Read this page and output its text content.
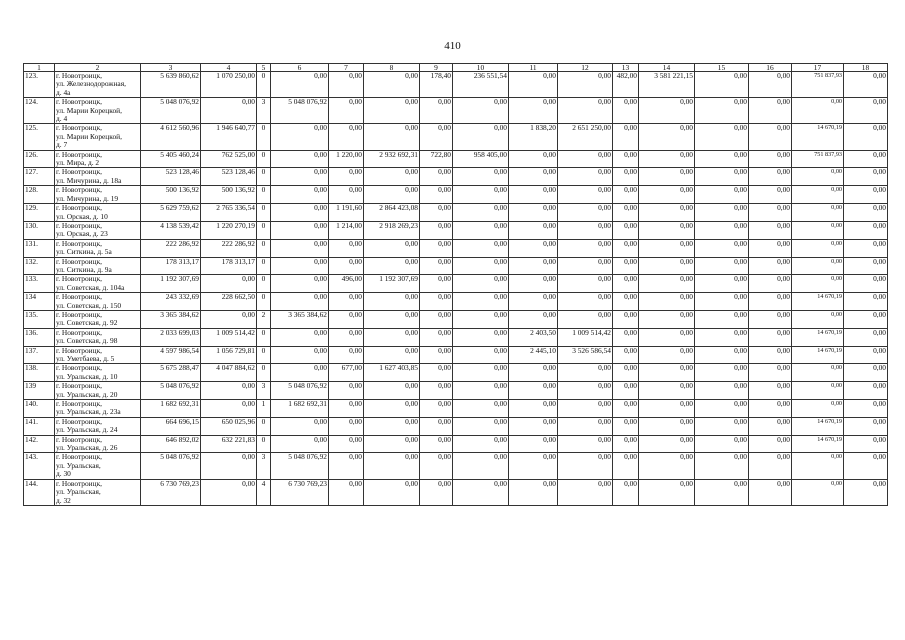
410
1	2	3	4	5	6	7	8	9	10	11	12	13	14	15	16	17	18
123.	г. Новотроицк,
ул. Железнодорожная,
д. 4а	5 639 860,62	1 070 250,00	0	0,00	0,00	0,00	178,40	236 551,54	0,00	0,00	482,00	3 581 221,15	0,00	0,00	751 837,93	0,00
124.	г. Новотроицк,
ул. Марии Корецкой,
д. 4	5 048 076,92	0,00	3	5 048 076,92	0,00	0,00	0,00	0,00	0,00	0,00	0,00	0,00	0,00	0,00	0,00	0,00
125.	г. Новотроицк,
ул. Марии Корецкой,
д. 7	4 612 560,96	1 946 640,77	0	0,00	0,00	0,00	0,00	0,00	1 838,20	2 651 250,00	0,00	0,00	0,00	0,00	14 670,19	0,00
126.	г. Новотроицк,
ул. Мира, д. 2	5 405 460,24	762 525,00	0	0,00	1 220,00	2 932 692,31	722,80	958 405,00	0,00	0,00	0,00	0,00	0,00	0,00	751 837,93	0,00
127.	г. Новотроицк,
ул. Мичурина, д. 18а	523 128,46	523 128,46	0	0,00	0,00	0,00	0,00	0,00	0,00	0,00	0,00	0,00	0,00	0,00	0,00	0,00
128.	г. Новотроицк,
ул. Мичурина, д. 19	500 136,92	500 136,92	0	0,00	0,00	0,00	0,00	0,00	0,00	0,00	0,00	0,00	0,00	0,00	0,00	0,00
129.	г. Новотроицк,
ул. Орская, д. 10	5 629 759,62	2 765 336,54	0	0,00	1 191,60	2 864 423,08	0,00	0,00	0,00	0,00	0,00	0,00	0,00	0,00	0,00	0,00
130.	г. Новотроицк,
ул. Орская, д. 23	4 138 539,42	1 220 270,19	0	0,00	1 214,00	2 918 269,23	0,00	0,00	0,00	0,00	0,00	0,00	0,00	0,00	0,00	0,00
131.	г. Новотроицк,
ул. Ситкина, д. 5а	222 286,92	222 286,92	0	0,00	0,00	0,00	0,00	0,00	0,00	0,00	0,00	0,00	0,00	0,00	0,00	0,00
132.	г. Новотроицк,
ул. Ситкина, д. 9а	178 313,17	178 313,17	0	0,00	0,00	0,00	0,00	0,00	0,00	0,00	0,00	0,00	0,00	0,00	0,00	0,00
133.	г. Новотроицк,
ул. Советская, д. 104а	1 192 307,69	0,00	0	0,00	496,00	1 192 307,69	0,00	0,00	0,00	0,00	0,00	0,00	0,00	0,00	0,00	0,00
134	г. Новотроицк,
ул. Советская, д. 150	243 332,69	228 662,50	0	0,00	0,00	0,00	0,00	0,00	0,00	0,00	0,00	0,00	0,00	0,00	14 670,19	0,00
135.	г. Новотроицк,
ул. Советская, д. 92	3 365 384,62	0,00	2	3 365 384,62	0,00	0,00	0,00	0,00	0,00	0,00	0,00	0,00	0,00	0,00	0,00	0,00
136.	г. Новотроицк,
ул. Советская, д. 98	2 033 699,03	1 009 514,42	0	0,00	0,00	0,00	0,00	0,00	2 403,50	1 009 514,42	0,00	0,00	0,00	0,00	14 670,19	0,00
137.	г. Новотроицк,
ул. Уметбаева, д. 5	4 597 986,54	1 056 729,81	0	0,00	0,00	0,00	0,00	0,00	2 445,10	3 526 586,54	0,00	0,00	0,00	0,00	14 670,19	0,00
138.	г. Новотроицк,
ул. Уральская, д. 10	5 675 288,47	4 047 884,62	0	0,00	677,00	1 627 403,85	0,00	0,00	0,00	0,00	0,00	0,00	0,00	0,00	0,00	0,00
139	г. Новотроицк,
ул. Уральская, д. 20	5 048 076,92	0,00	3	5 048 076,92	0,00	0,00	0,00	0,00	0,00	0,00	0,00	0,00	0,00	0,00	0,00	0,00
140.	г. Новотроицк,
ул. Уральская, д. 23а	1 682 692,31	0,00	1	1 682 692,31	0,00	0,00	0,00	0,00	0,00	0,00	0,00	0,00	0,00	0,00	0,00	0,00
141.	г. Новотроицк,
ул. Уральская, д. 24	664 696,15	650 025,96	0	0,00	0,00	0,00	0,00	0,00	0,00	0,00	0,00	0,00	0,00	0,00	14 670,19	0,00
142.	г. Новотроицк,
ул. Уральская, д. 26	646 892,02	632 221,83	0	0,00	0,00	0,00	0,00	0,00	0,00	0,00	0,00	0,00	0,00	0,00	14 670,19	0,00
143.	г. Новотроицк,
ул. Уральская,
д. 30	5 048 076,92	0,00	3	5 048 076,92	0,00	0,00	0,00	0,00	0,00	0,00	0,00	0,00	0,00	0,00	0,00	0,00
144.	г. Новотроицк,
ул. Уральская,
д. 32	6 730 769,23	0,00	4	6 730 769,23	0,00	0,00	0,00	0,00	0,00	0,00	0,00	0,00	0,00	0,00	0,00	0,00
